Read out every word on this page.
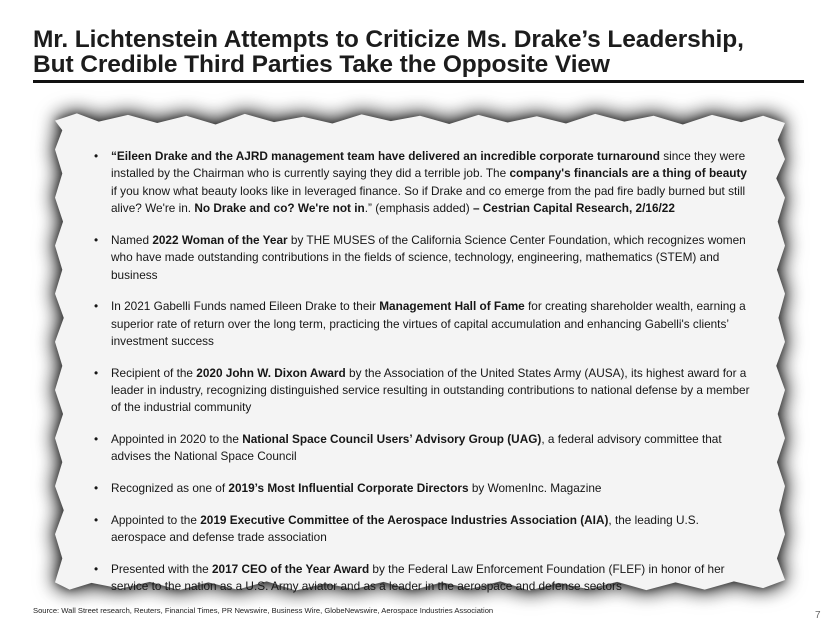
Mr. Lichtenstein Attempts to Criticize Ms. Drake’s Leadership,
But Credible Third Parties Take the Opposite View
• “Eileen Drake and the AJRD management team have delivered an incredible corporate turnaround since they were installed by the Chairman who is currently saying they did a terrible job. The company's financials are a thing of beauty if you know what beauty looks like in leveraged finance. So if Drake and co emerge from the pad fire badly burned but still alive? We're in. No Drake and co? We're not in.” (emphasis added) – Cestrian Capital Research, 2/16/22
• Named 2022 Woman of the Year by THE MUSES of the California Science Center Foundation, which recognizes women who have made outstanding contributions in the fields of science, technology, engineering, mathematics (STEM) and business
• In 2021 Gabelli Funds named Eileen Drake to their Management Hall of Fame for creating shareholder wealth, earning a superior rate of return over the long term, practicing the virtues of capital accumulation and enhancing Gabelli's clients’ investment success
• Recipient of the 2020 John W. Dixon Award by the Association of the United States Army (AUSA), its highest award for a leader in industry, recognizing distinguished service resulting in outstanding contributions to national defense by a member of the industrial community
• Appointed in 2020 to the National Space Council Users’ Advisory Group (UAG), a federal advisory committee that advises the National Space Council
• Recognized as one of 2019’s Most Influential Corporate Directors by WomenInc. Magazine
• Appointed to the 2019 Executive Committee of the Aerospace Industries Association (AIA), the leading U.S. aerospace and defense trade association
• Presented with the 2017 CEO of the Year Award by the Federal Law Enforcement Foundation (FLEF) in honor of her service to the nation as a U.S. Army aviator and as a leader in the aerospace and defense sectors
Source: Wall Street research, Reuters, Financial Times, PR Newswire, Business Wire, GlobeNewswire, Aerospace Industries Association	7
